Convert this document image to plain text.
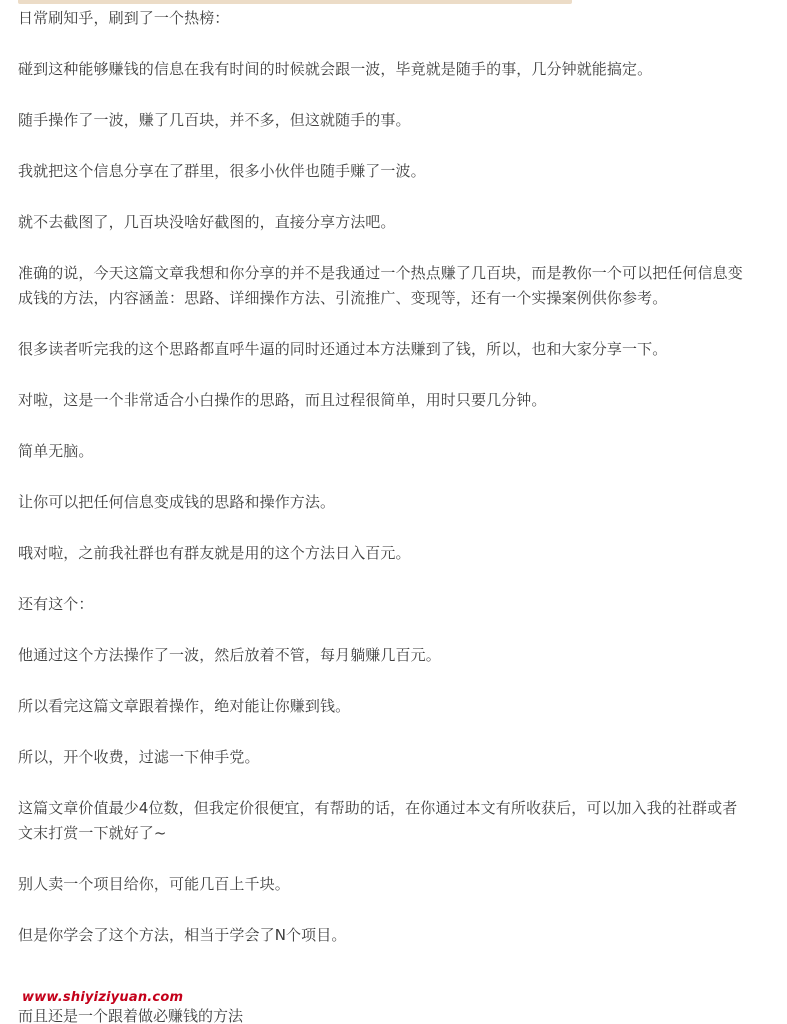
日常刷知乎，刷到了一个热榜：

碰到这种能够赚钱的信息在我有时间的时候就会跟一波，毕竟就是随手的事，几分钟就能搞定。

随手操作了一波，赚了几百块，并不多，但这就随手的事。

我就把这个信息分享在了群里，很多小伙伴也随手赚了一波。

就不去截图了，几百块没啥好截图的，直接分享方法吧。

准确的说，今天这篇文章我想和你分享的并不是我通过一个热点赚了几百块，而是教你一个可以把任何信息变成钱的方法，内容涵盖：思路、详细操作方法、引流推广、变现等，还有一个实操案例供你参考。

很多读者听完我的这个思路都直呼牛逼的同时还通过本方法赚到了钱，所以，也和大家分享一下。

对啦，这是一个非常适合小白操作的思路，而且过程很简单，用时只要几分钟。

简单无脑。

让你可以把任何信息变成钱的思路和操作方法。

哦对啦，之前我社群也有群友就是用的这个方法日入百元。

还有这个：

他通过这个方法操作了一波，然后放着不管，每月躺赚几百元。

所以看完这篇文章跟着操作，绝对能让你赚到钱。

所以，开个收费，过滤一下伸手党。

这篇文章价值最少4位数，但我定价很便宜，有帮助的话，在你通过本文有所收获后，可以加入我的社群或者文末打赏一下就好了~

别人卖一个项目给你，可能几百上千块。

但是你学会了这个方法，相当于学会了N个项目。

而且还是一个跟着做必赚钱的方法
www.shiyiziyuan.com
